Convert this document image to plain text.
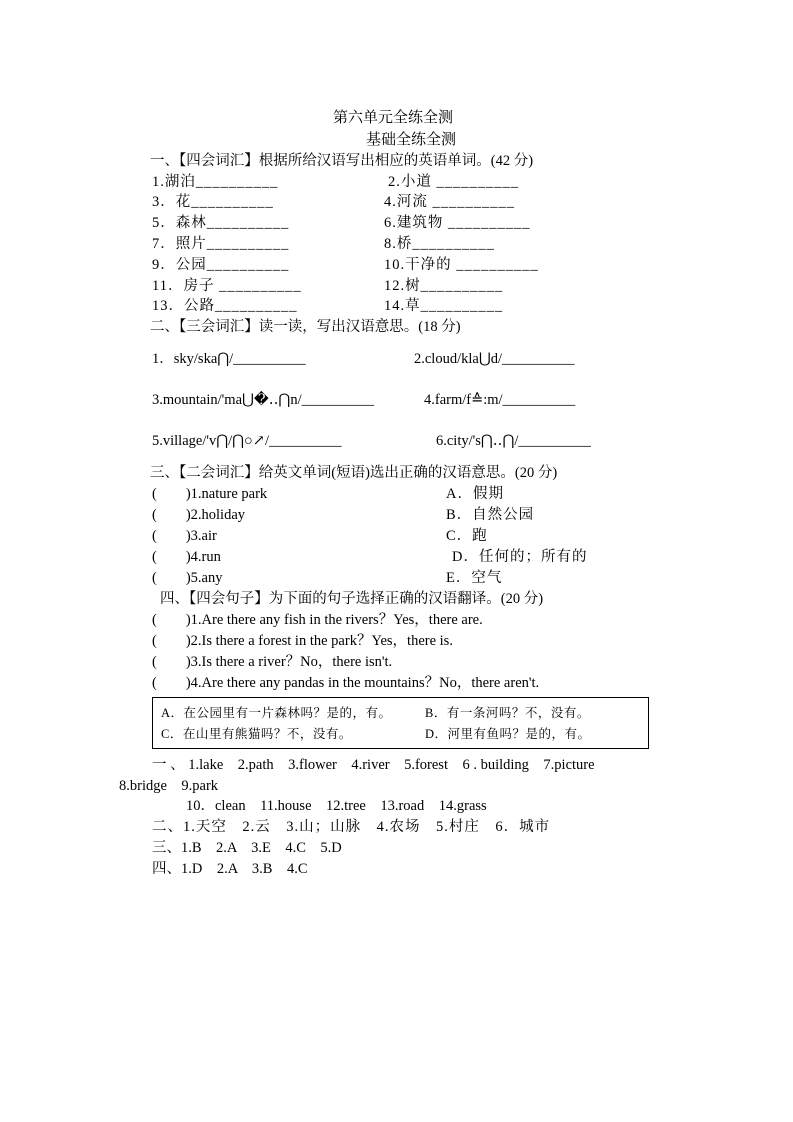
第六单元全练全测
基础全练全测
一、【四会词汇】根据所给汉语写出相应的英语单词。(42 分)
1.湖泊__________	2.小道 __________
3．花__________	4.河流 __________
5．森林__________	6.建筑物 __________
7．照片__________	8.桥__________
9．公园__________	10.干净的 __________
11．房子 __________	12.树__________
13．公路__________	14.草__________
二、【三会词汇】读一读，写出汉语意思。(18 分)
1．sky/ska⋂/__________	2.cloud/kla⋃d/__________
3.mountain/'ma⋃�‥⋂n/__________	4.farm/f≙:m/__________
5.village/'v⋂/⋂○↗/__________	6.city/'s⋂‥⋂/__________
三、【二会词汇】给英文单词(短语)选出正确的汉语意思。(20 分)
(　　)1.nature park	A．假期
(　　)2.holiday	B．自然公园
(　　)3.air	C．跑
(　　)4.run	D．任何的；所有的
(　　)5.any	E．空气
四、【四会句子】为下面的句子选择正确的汉语翻译。(20 分)
(　　)1.Are there any fish in the rivers？Yes，there are.
(　　)2.Is there a forest in the park？Yes，there is.
(　　)3.Is there a river？No，there isn't.
(　　)4.Are there any pandas in the mountains？No，there aren't.
A．在公园里有一片森林吗？是的，有。	B．有一条河吗？不，没有。
C．在山里有熊猫吗？不，没有。	D．河里有鱼吗？是的，有。
一 、 1.lake　2.path　3.flower　4.river　5.forest　6 . building　7.picture
8.bridge　9.park
10．clean　11.house　12.tree　13.road　14.grass
二、1.天空　2.云　3.山；山脉　4.农场　5.村庄　6．城市
三、1.B　2.A　3.E　4.C　5.D
四、1.D　2.A　3.B　4.C
